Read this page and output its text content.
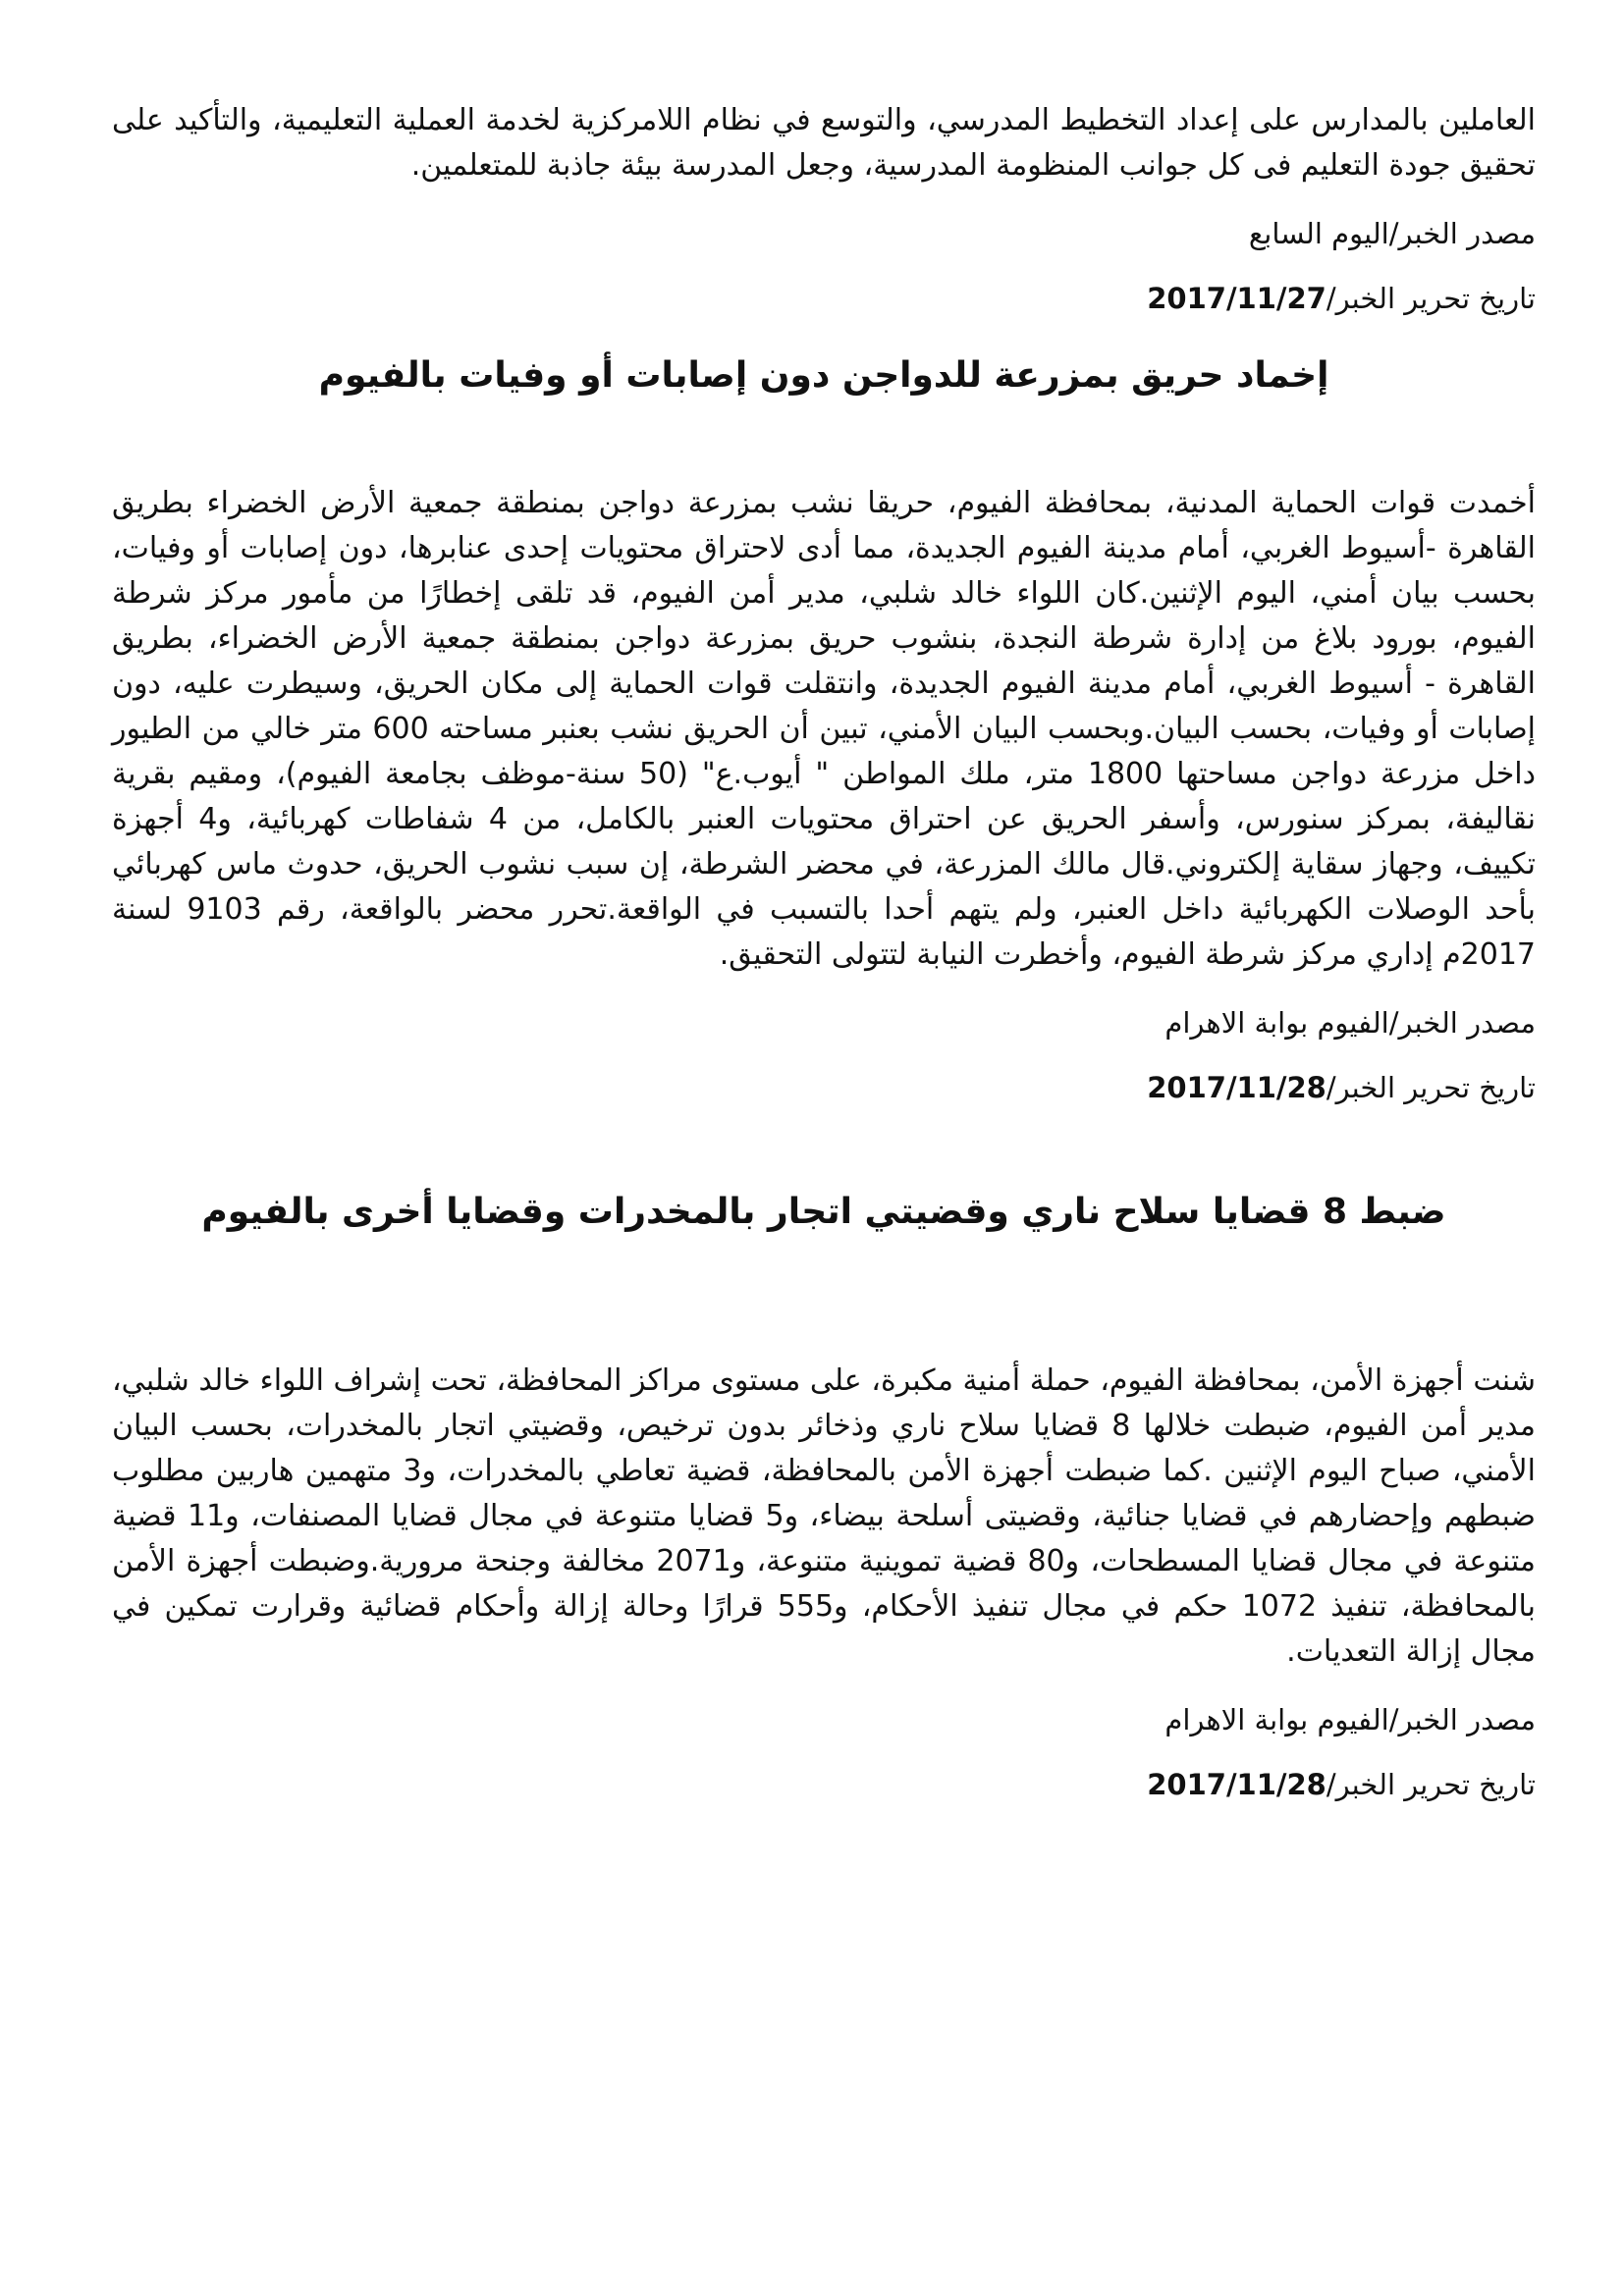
العاملين بالمدارس على إعداد التخطيط المدرسي، والتوسع في نظام اللامركزية لخدمة العملية التعليمية، والتأكيد على تحقيق جودة التعليم فى كل جوانب المنظومة المدرسية، وجعل المدرسة بيئة جاذبة للمتعلمين.

مصدر الخبر/اليوم السابع

تاريخ تحرير الخبر/2017/11/27

إخماد حريق بمزرعة للدواجن دون إصابات أو وفيات بالفيوم

أخمدت قوات الحماية المدنية، بمحافظة الفيوم، حريقا نشب بمزرعة دواجن بمنطقة جمعية الأرض الخضراء بطريق القاهرة -أسيوط الغربي، أمام مدينة الفيوم الجديدة، مما أدى لاحتراق محتويات إحدى عنابرها، دون إصابات أو وفيات، بحسب بيان أمني، اليوم الإثنين.كان اللواء خالد شلبي، مدير أمن الفيوم، قد تلقى إخطارًا من مأمور مركز شرطة الفيوم، بورود بلاغ من إدارة شرطة النجدة، بنشوب حريق بمزرعة دواجن بمنطقة جمعية الأرض الخضراء، بطريق القاهرة - أسيوط الغربي، أمام مدينة الفيوم الجديدة، وانتقلت قوات الحماية إلى مكان الحريق، وسيطرت عليه، دون إصابات أو وفيات، بحسب البيان.وبحسب البيان الأمني، تبين أن الحريق نشب بعنبر مساحته 600 متر خالي من الطيور داخل مزرعة دواجن مساحتها 1800 متر، ملك المواطن " أيوب.ع" (50 سنة-موظف بجامعة الفيوم)، ومقيم بقرية نقاليفة، بمركز سنورس، وأسفر الحريق عن احتراق محتويات العنبر بالكامل، من 4 شفاطات كهربائية، و4 أجهزة تكييف، وجهاز سقاية إلكتروني.قال مالك المزرعة، في محضر الشرطة، إن سبب نشوب الحريق، حدوث ماس كهربائي بأحد الوصلات الكهربائية داخل العنبر، ولم يتهم أحدا بالتسبب في الواقعة.تحرر محضر بالواقعة، رقم 9103 لسنة 2017م إداري مركز شرطة الفيوم، وأخطرت النيابة لتتولى التحقيق.

مصدر الخبر/الفيوم بوابة الاهرام

تاريخ تحرير الخبر/2017/11/28

ضبط 8 قضايا سلاح ناري وقضيتي اتجار بالمخدرات وقضايا أخرى بالفيوم

شنت أجهزة الأمن، بمحافظة الفيوم، حملة أمنية مكبرة، على مستوى مراكز المحافظة، تحت إشراف اللواء خالد شلبي، مدير أمن الفيوم، ضبطت خلالها 8 قضايا سلاح ناري وذخائر بدون ترخيص، وقضيتي اتجار بالمخدرات، بحسب البيان الأمني، صباح اليوم الإثنين .كما ضبطت أجهزة الأمن بالمحافظة، قضية تعاطي بالمخدرات، و3 متهمين هاربين مطلوب ضبطهم وإحضارهم في قضايا جنائية، وقضيتى أسلحة بيضاء، و5 قضايا متنوعة في مجال قضايا المصنفات، و11 قضية متنوعة في مجال قضايا المسطحات، و80 قضية تموينية متنوعة، و2071 مخالفة وجنحة مرورية.وضبطت أجهزة الأمن بالمحافظة، تنفيذ 1072 حكم في مجال تنفيذ الأحكام، و555 قرارًا وحالة إزالة وأحكام قضائية وقرارت تمكين في مجال إزالة التعديات.

مصدر الخبر/الفيوم بوابة الاهرام

تاريخ تحرير الخبر/2017/11/28
